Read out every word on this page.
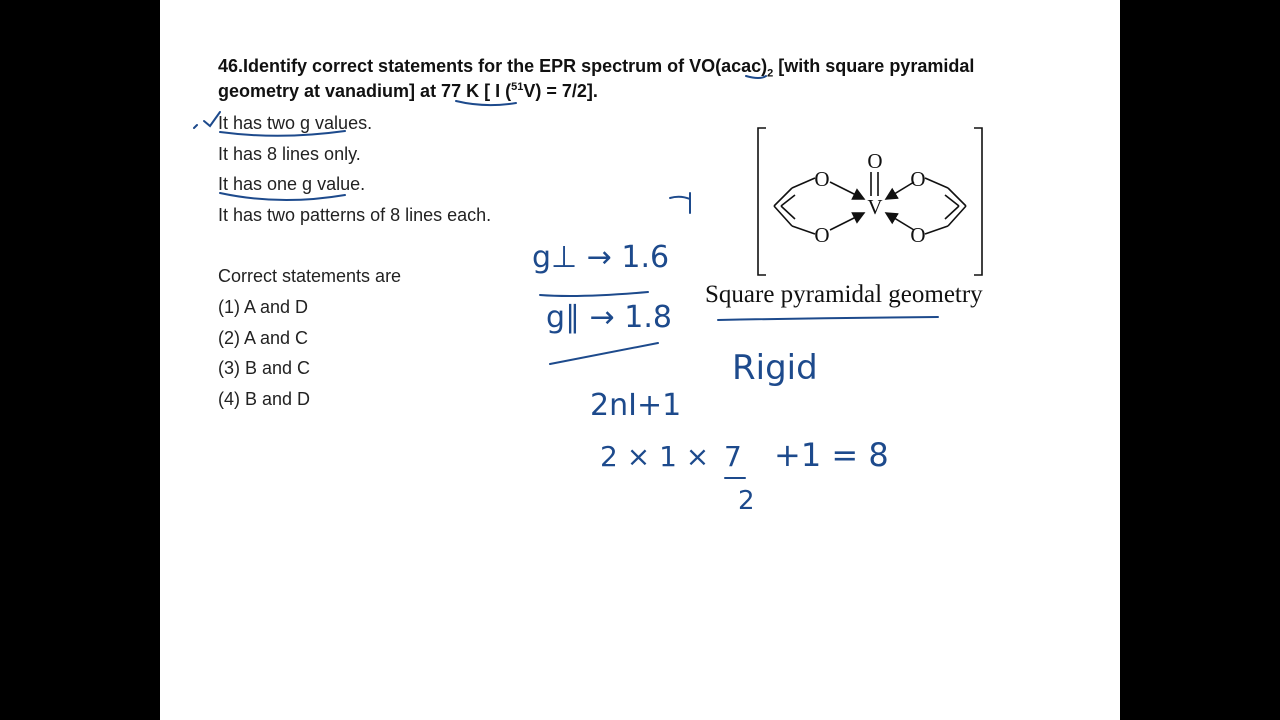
46.Identify correct statements for the EPR spectrum of $VO(acac)_2$ [with square pyramidal
geometry at vanadium] at 77 K [ I ($^{51}$V) = 7/2].
It has two g values.
It has 8 lines only.
It has one g value.
It has two patterns of 8 lines each.
Correct statements are
(1) A and D
(2) A and C
(3) B and C
(4) B and D
O
O	O
O	O
V
Square pyramidal geometry
g⊥ → 1.6
g∥ → 1.8
Rigid
2nI+1
2 × 1 × 7
2
+1 = 8
